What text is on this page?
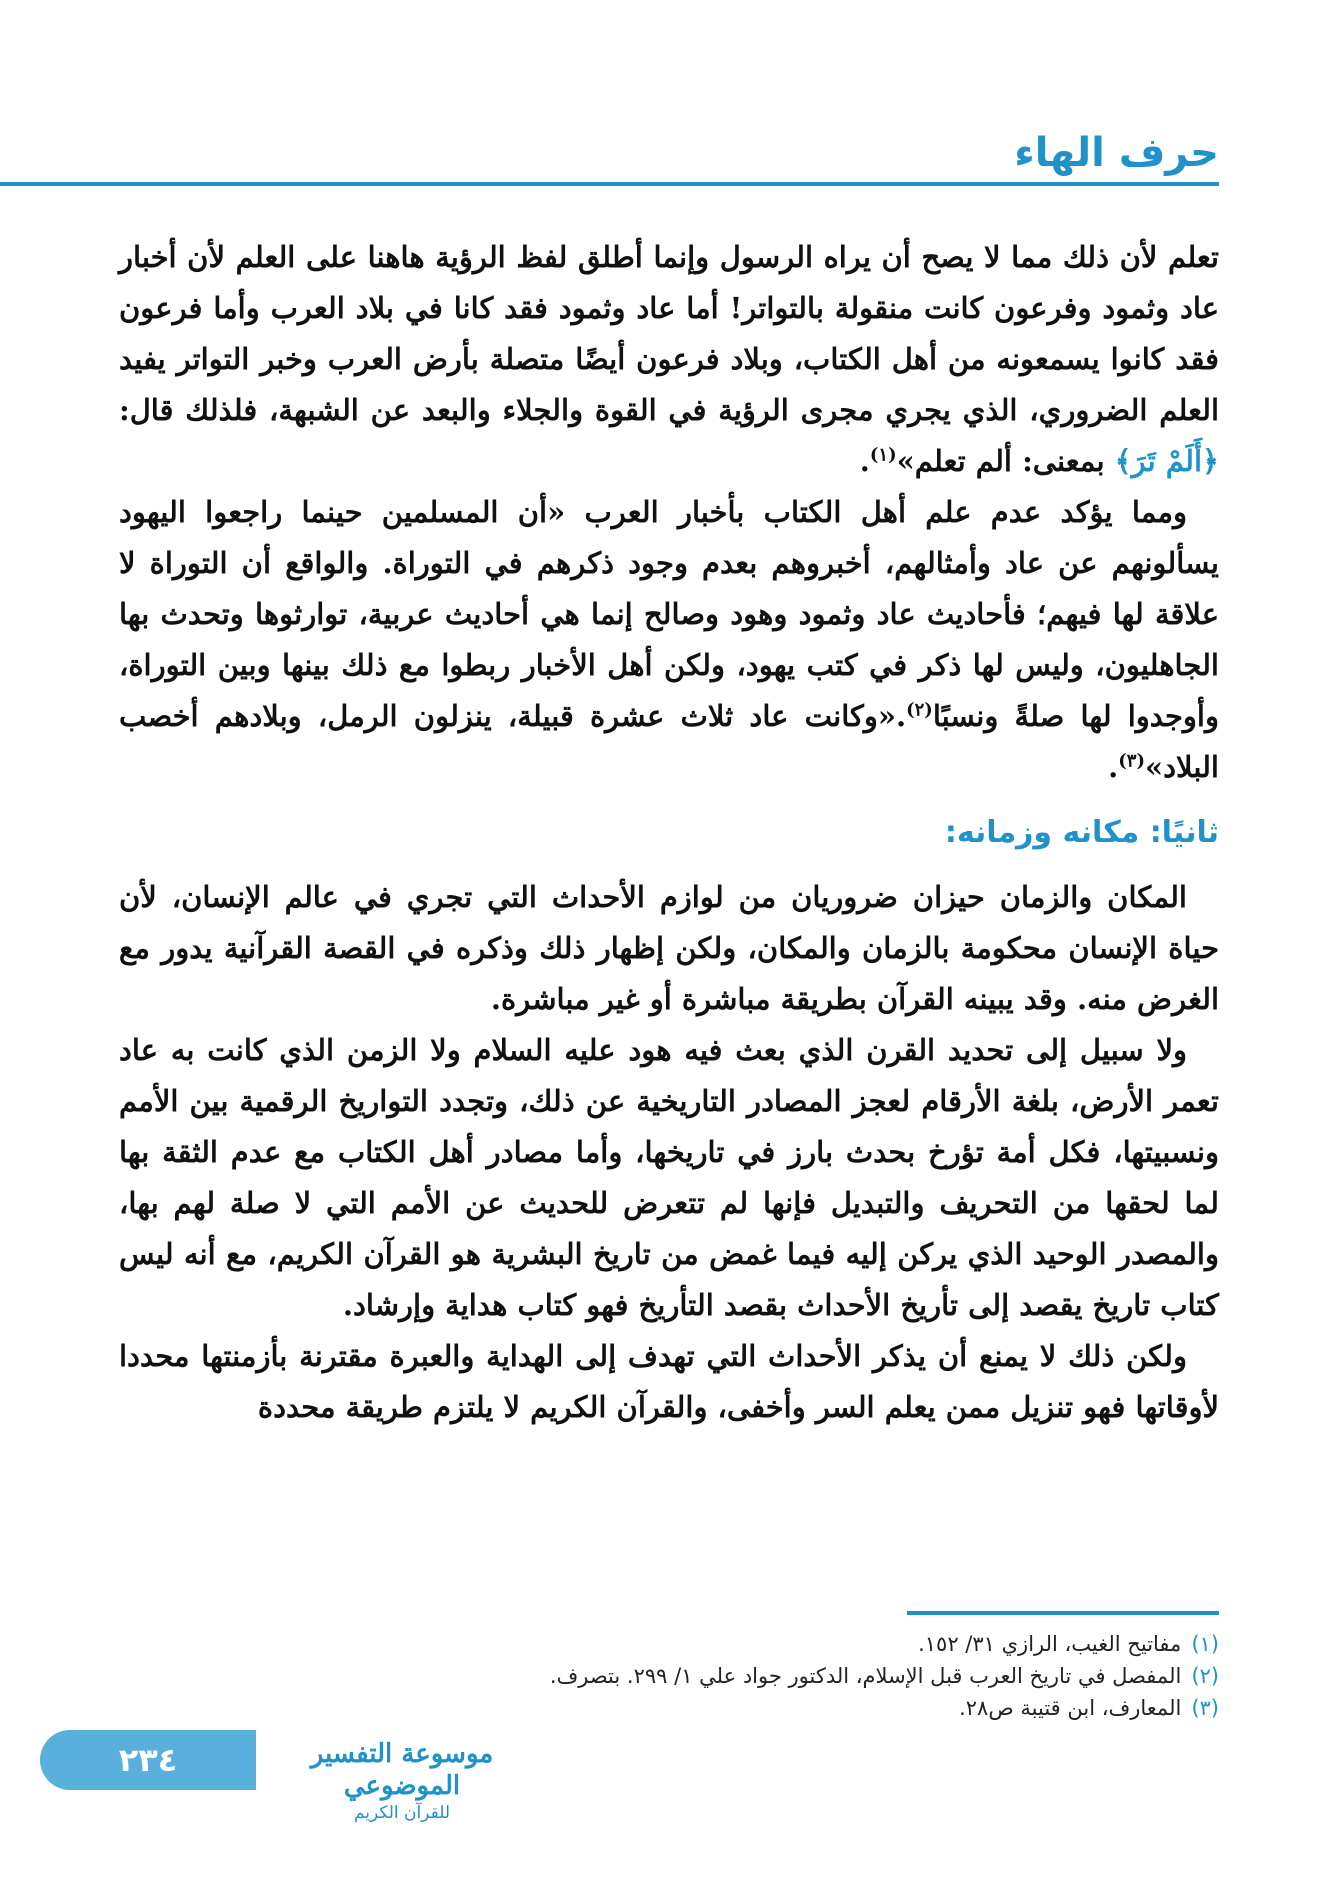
حرف الهاء

تعلم لأن ذلك مما لا يصح أن يراه الرسول وإنما أطلق لفظ الرؤية هاهنا على العلم لأن أخبار عاد وثمود وفرعون كانت منقولة بالتواتر! أما عاد وثمود فقد كانا في بلاد العرب وأما فرعون فقد كانوا يسمعونه من أهل الكتاب، وبلاد فرعون أيضًا متصلة بأرض العرب وخبر التواتر يفيد العلم الضروري، الذي يجري مجرى الرؤية في القوة والجلاء والبعد عن الشبهة، فلذلك قال:﴿أَلَمْ تَرَ﴾ بمعنى: ألم تعلم»$^{(١)}$.

ومما يؤكد عدم علم أهل الكتاب بأخبار العرب «أن المسلمين حينما راجعوا اليهود يسألونهم عن عاد وأمثالهم، أخبروهم بعدم وجود ذكرهم في التوراة. والواقع أن التوراة لا علاقة لها فيهم؛ فأحاديث عاد وثمود وهود وصالح إنما هي أحاديث عربية، توارثوها وتحدث بها الجاهليون، وليس لها ذكر في كتب يهود، ولكن أهل الأخبار ربطوا مع ذلك بينها وبين التوراة، وأوجدوا لها صلةً ونسبًا$^{(٢)}$.«وكانت عاد ثلاث عشرة قبيلة، ينزلون الرمل، وبلادهم أخصب البلاد»$^{(٣)}$.

ثانيًا: مكانه وزمانه:

المكان والزمان حيزان ضروريان من لوازم الأحداث التي تجري في عالم الإنسان، لأن حياة الإنسان محكومة بالزمان والمكان، ولكن إظهار ذلك وذكره في القصة القرآنية يدور مع الغرض منه. وقد يبينه القرآن بطريقة مباشرة أو غير مباشرة.

ولا سبيل إلى تحديد القرن الذي بعث فيه هود عليه السلام ولا الزمن الذي كانت به عاد تعمر الأرض، بلغة الأرقام لعجز المصادر التاريخية عن ذلك، وتجدد التواريخ الرقمية بين الأمم ونسبيتها، فكل أمة تؤرخ بحدث بارز في تاريخها، وأما مصادر أهل الكتاب مع عدم الثقة بها لما لحقها من التحريف والتبديل فإنها لم تتعرض للحديث عن الأمم التي لا صلة لهم بها، والمصدر الوحيد الذي يركن إليه فيما غمض من تاريخ البشرية هو القرآن الكريم، مع أنه ليس كتاب تاريخ يقصد إلى تأريخ الأحداث بقصد التأريخ فهو كتاب هداية وإرشاد.

ولكن ذلك لا يمنع أن يذكر الأحداث التي تهدف إلى الهداية والعبرة مقترنة بأزمنتها محددا لأوقاتها فهو تنزيل ممن يعلم السر وأخفى، والقرآن الكريم لا يلتزم طريقة محددة

(١)مفاتيح الغيب، الرازي ٣١/ ١٥٢.
(٢)المفصل في تاريخ العرب قبل الإسلام، الدكتور جواد علي ١/ ٢٩٩. بتصرف.
(٣)المعارف، ابن قتيبة ص٢٨.
موسوعة التفسير الموضوعي
للقرآن الكريم
٢٣٤
